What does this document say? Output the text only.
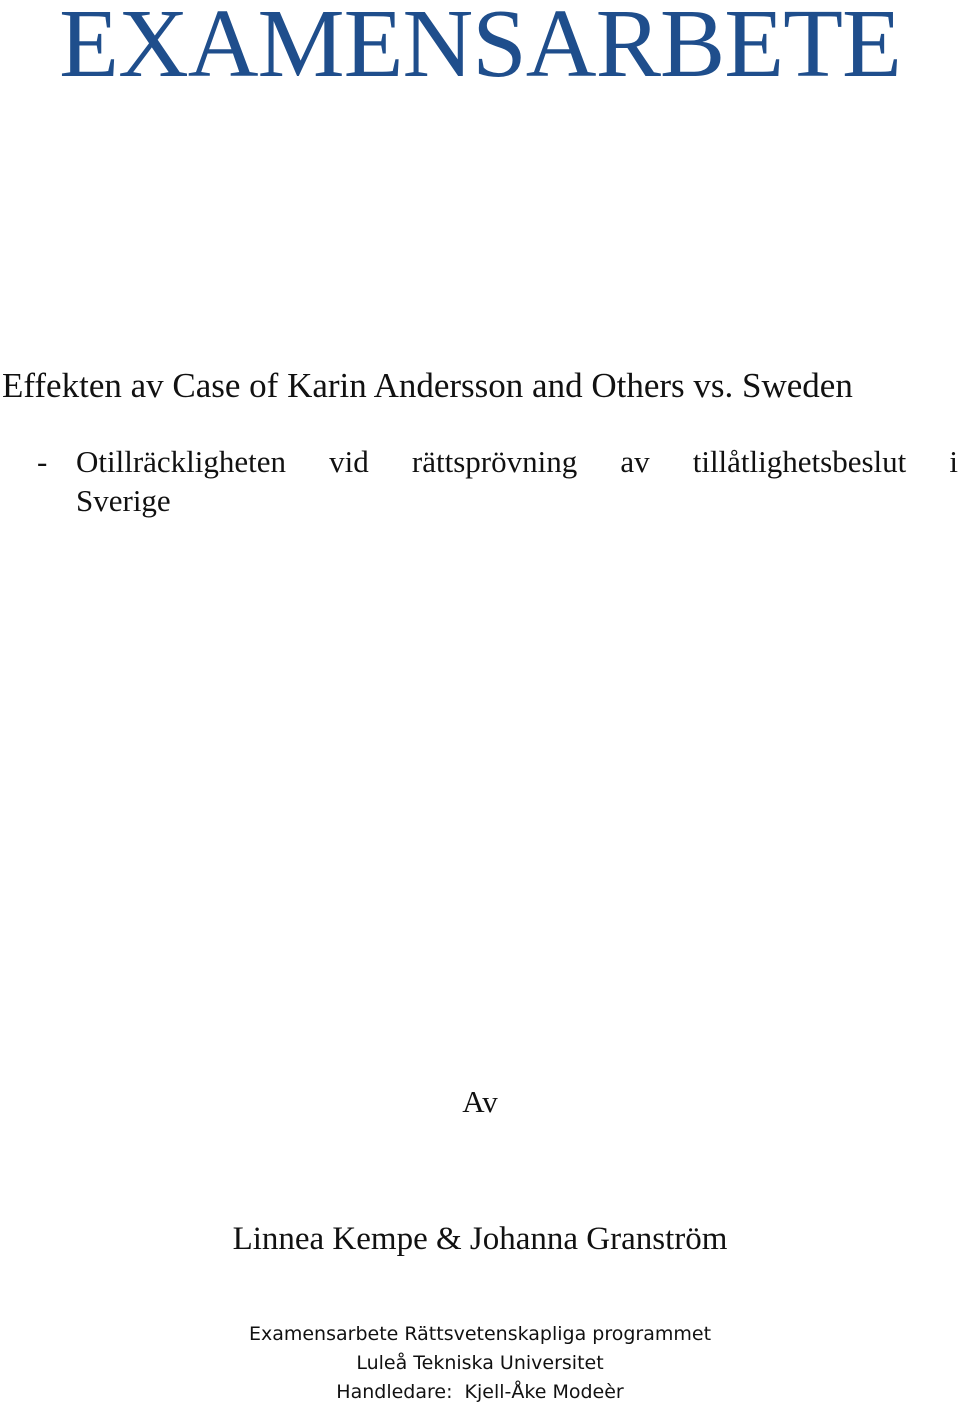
EXAMENSARBETE
Effekten av Case of Karin Andersson and Others vs. Sweden
- Otillräckligheten vid rättsprövning av tillåtlighetsbeslut i
Sverige
Av
Linnea Kempe & Johanna Granström
Examensarbete Rättsvetenskapliga programmet
Luleå Tekniska Universitet
Handledare:  Kjell-Åke Modeèr
